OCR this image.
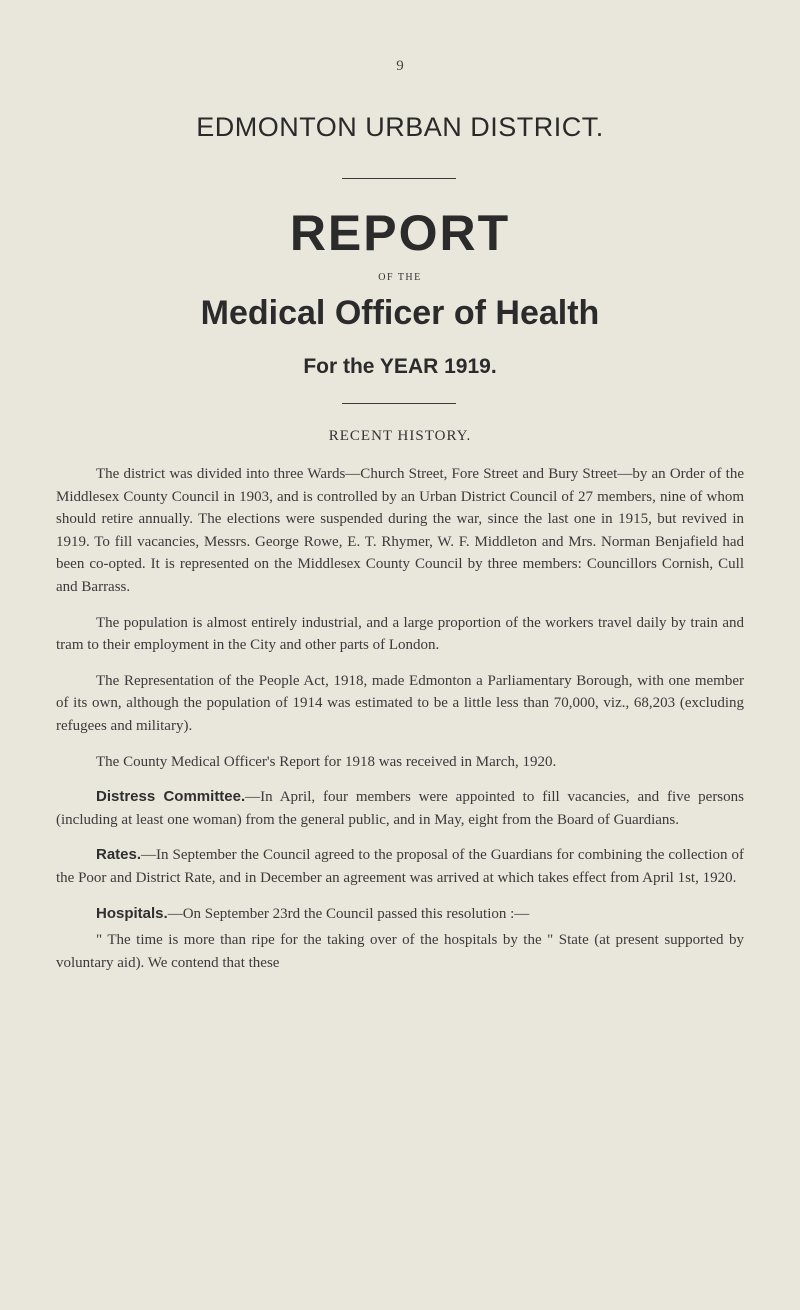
9
EDMONTON URBAN DISTRICT.
REPORT
OF THE
Medical Officer of Health
For the YEAR 1919.
RECENT HISTORY.

The district was divided into three Wards—Church Street, Fore Street and Bury Street—by an Order of the Middlesex County Council in 1903, and is controlled by an Urban District Council of 27 members, nine of whom should retire annually. The elections were suspended during the war, since the last one in 1915, but revived in 1919. To fill vacancies, Messrs. George Rowe, E. T. Rhymer, W. F. Middleton and Mrs. Norman Benjafield had been co-opted. It is represented on the Middlesex County Council by three members: Councillors Cornish, Cull and Barrass.

The population is almost entirely industrial, and a large proportion of the workers travel daily by train and tram to their employment in the City and other parts of London.

The Representation of the People Act, 1918, made Edmonton a Parliamentary Borough, with one member of its own, although the population of 1914 was estimated to be a little less than 70,000, viz., 68,203 (excluding refugees and military).

The County Medical Officer's Report for 1918 was received in March, 1920.

Distress Committee.—In April, four members were appointed to fill vacancies, and five persons (including at least one woman) from the general public, and in May, eight from the Board of Guardians.

Rates.—In September the Council agreed to the proposal of the Guardians for combining the collection of the Poor and District Rate, and in December an agreement was arrived at which takes effect from April 1st, 1920.

Hospitals.—On September 23rd the Council passed this resolution :—

" The time is more than ripe for the taking over of the hospitals by the " State (at present supported by voluntary aid). We contend that these
